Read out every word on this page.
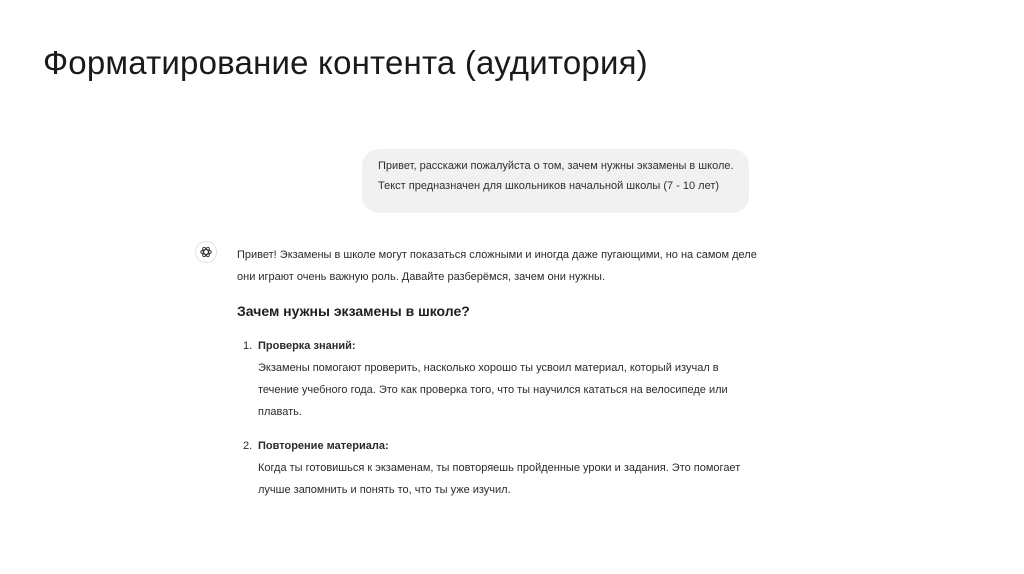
Форматирование контента (аудитория)
Привет, расскажи пожалуйста о том, зачем нужны экзамены в школе. Текст предназначен для школьников начальной школы (7 - 10 лет)

Привет! Экзамены в школе могут показаться сложными и иногда даже пугающими, но на самом деле они играют очень важную роль. Давайте разберёмся, зачем они нужны.

Зачем нужны экзамены в школе?
1. Проверка знаний:
Экзамены помогают проверить, насколько хорошо ты усвоил материал, который изучал в течение учебного года. Это как проверка того, что ты научился кататься на велосипеде или плавать.
2. Повторение материала:
Когда ты готовишься к экзаменам, ты повторяешь пройденные уроки и задания. Это помогает лучше запомнить и понять то, что ты уже изучил.
